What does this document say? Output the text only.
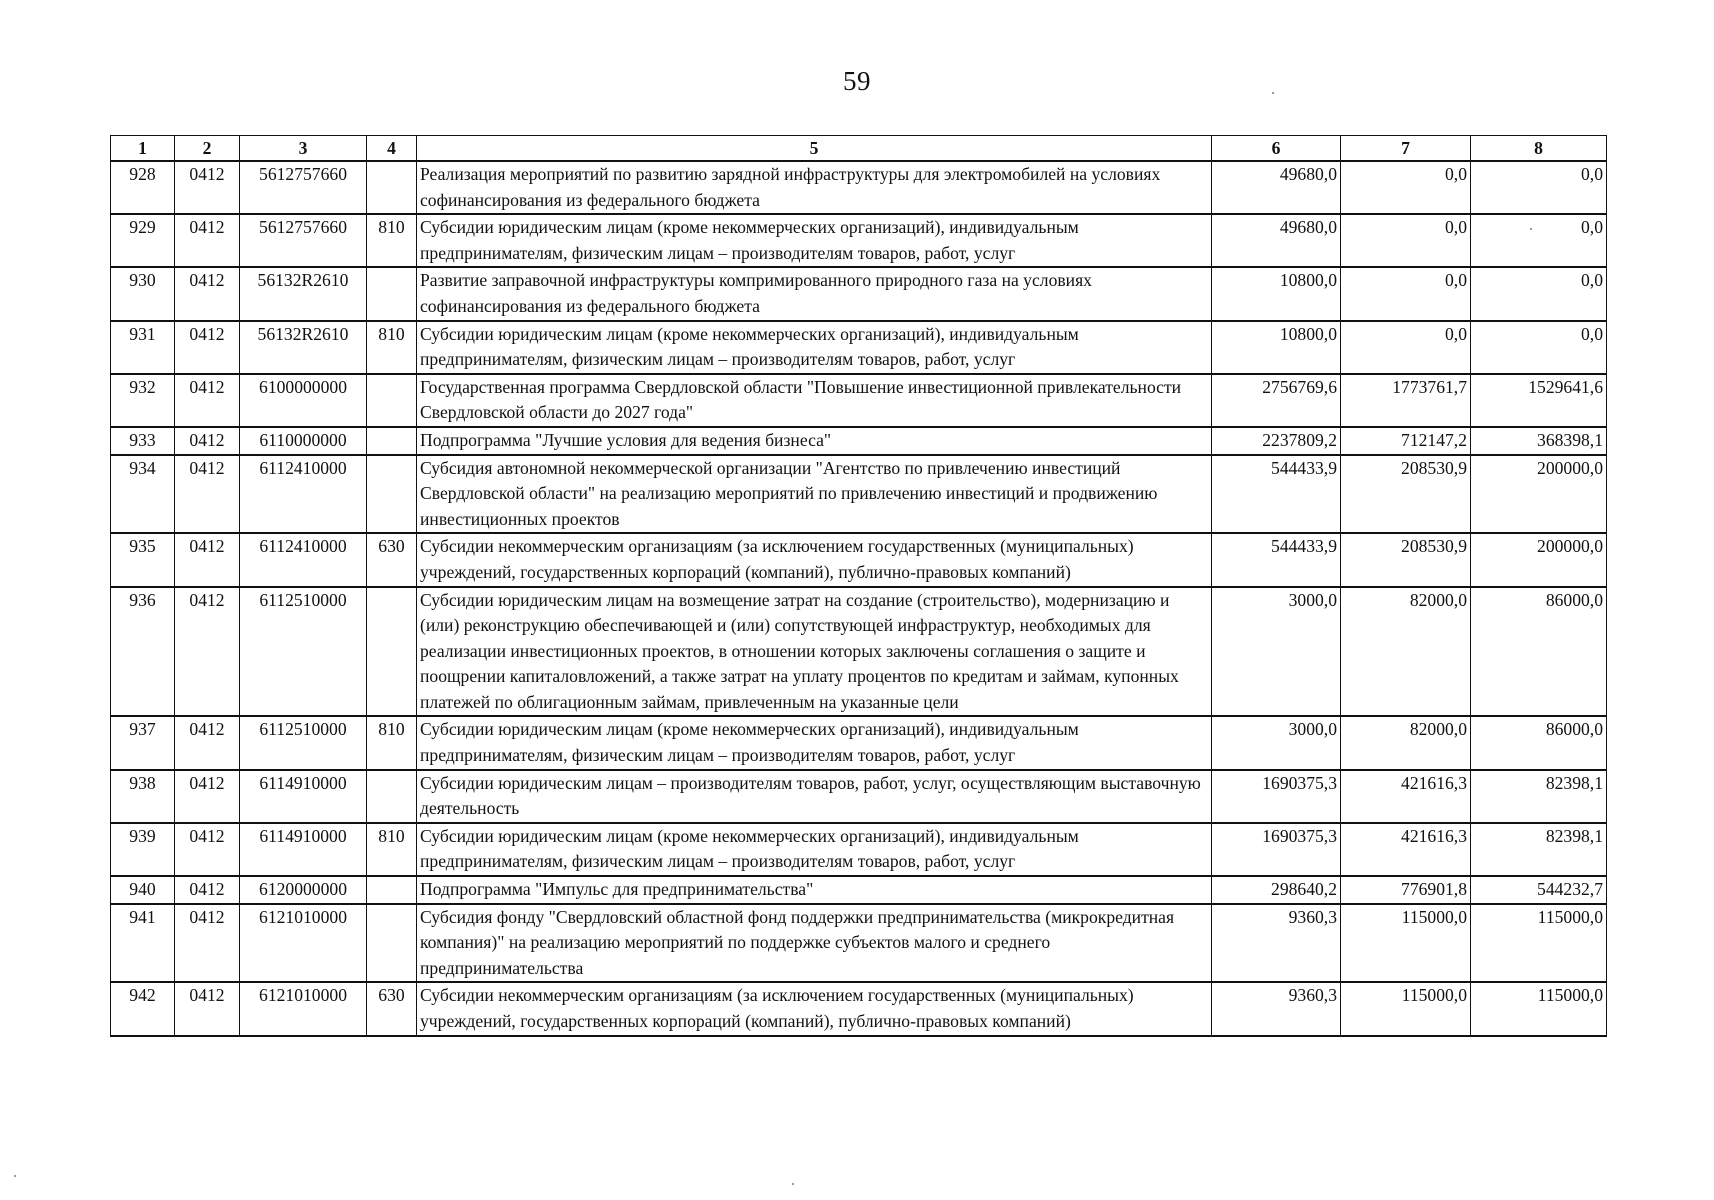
59
1	2	3	4	5	6	7	8
928	0412	5612757660		Реализация мероприятий по развитию зарядной инфраструктуры для электромобилей на условиях софинансирования из федерального бюджета	49680,0	0,0	0,0
929	0412	5612757660	810	Субсидии юридическим лицам (кроме некоммерческих организаций), индивидуальным предпринимателям, физическим лицам – производителям товаров, работ, услуг	49680,0	0,0	0,0
930	0412	56132R2610		Развитие заправочной инфраструктуры компримированного природного газа на условиях софинансирования из федерального бюджета	10800,0	0,0	0,0
931	0412	56132R2610	810	Субсидии юридическим лицам (кроме некоммерческих организаций), индивидуальным предпринимателям, физическим лицам – производителям товаров, работ, услуг	10800,0	0,0	0,0
932	0412	6100000000		Государственная программа Свердловской области "Повышение инвестиционной привлекательности Свердловской области до 2027 года"	2756769,6	1773761,7	1529641,6
933	0412	6110000000		Подпрограмма "Лучшие условия для ведения бизнеса"	2237809,2	712147,2	368398,1
934	0412	6112410000		Субсидия автономной некоммерческой организации "Агентство по привлечению инвестиций Свердловской области" на реализацию мероприятий по привлечению инвестиций и продвижению инвестиционных проектов	544433,9	208530,9	200000,0
935	0412	6112410000	630	Субсидии некоммерческим организациям (за исключением государственных (муниципальных) учреждений, государственных корпораций (компаний), публично-правовых компаний)	544433,9	208530,9	200000,0
936	0412	6112510000		Субсидии юридическим лицам на возмещение затрат на создание (строительство), модернизацию и (или) реконструкцию обеспечивающей и (или) сопутствующей инфраструктур, необходимых для реализации инвестиционных проектов, в отношении которых заключены соглашения о защите и поощрении капиталовложений, а также затрат на уплату процентов по кредитам и займам, купонных платежей по облигационным займам, привлеченным на указанные цели	3000,0	82000,0	86000,0
937	0412	6112510000	810	Субсидии юридическим лицам (кроме некоммерческих организаций), индивидуальным предпринимателям, физическим лицам – производителям товаров, работ, услуг	3000,0	82000,0	86000,0
938	0412	6114910000		Субсидии юридическим лицам – производителям товаров, работ, услуг, осуществляющим выставочную деятельность	1690375,3	421616,3	82398,1
939	0412	6114910000	810	Субсидии юридическим лицам (кроме некоммерческих организаций), индивидуальным предпринимателям, физическим лицам – производителям товаров, работ, услуг	1690375,3	421616,3	82398,1
940	0412	6120000000		Подпрограмма "Импульс для предпринимательства"	298640,2	776901,8	544232,7
941	0412	6121010000		Субсидия фонду "Свердловский областной фонд поддержки предпринимательства (микрокредитная компания)" на реализацию мероприятий по поддержке субъектов малого и среднего предпринимательства	9360,3	115000,0	115000,0
942	0412	6121010000	630	Субсидии некоммерческим организациям (за исключением государственных (муниципальных) учреждений, государственных корпораций (компаний), публично-правовых компаний)	9360,3	115000,0	115000,0
